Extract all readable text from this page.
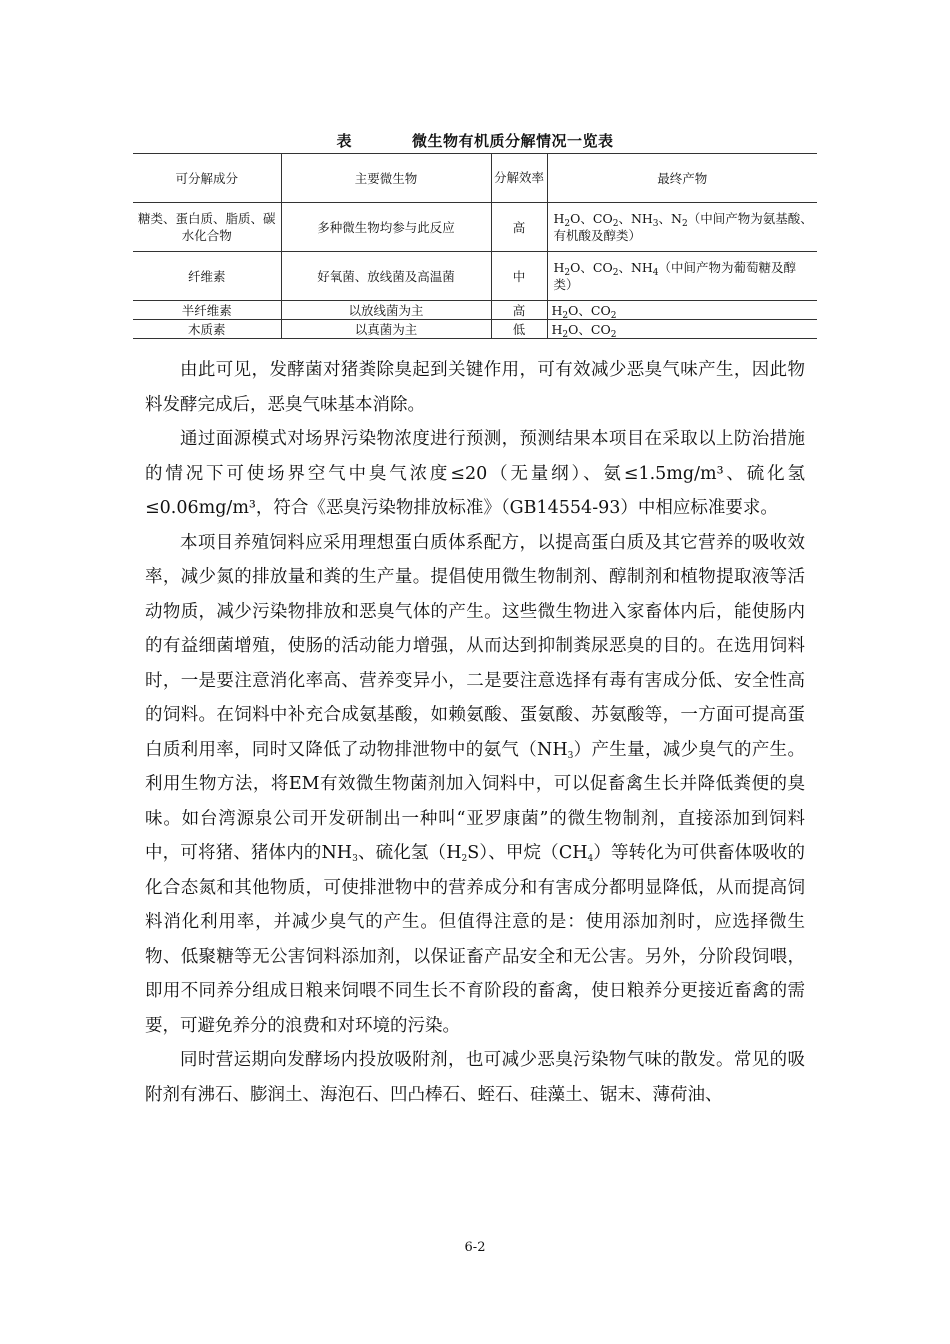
表	微生物有机质分解情况一览表
可分解成分	主要微生物	分解效率	最终产物
糖类、蛋白质、脂质、碳水化合物	多种微生物均参与此反应	高	$H_2O$、$CO_2$、$NH_3$、$N_2$（中间产物为氨基酸、有机酸及醇类）
纤维素	好氧菌、放线菌及高温菌	中	$H_2O$、$CO_2$、$NH_4$（中间产物为葡萄糖及醇类）
半纤维素	以放线菌为主	高	$H_2O$、$CO_2$
木质素	以真菌为主	低	$H_2O$、$CO_2$

由此可见，发酵菌对猪粪除臭起到关键作用，可有效减少恶臭气味产生，因此物料发酵完成后，恶臭气味基本消除。

通过面源模式对场界污染物浓度进行预测，预测结果本项目在采取以上防治措施的情况下可使场界空气中臭气浓度≤20（无量纲）、氨≤1.5mg/m³、硫化氢≤0.06mg/m³，符合《恶臭污染物排放标准》（GB14554-93）中相应标准要求。

本项目养殖饲料应采用理想蛋白质体系配方，以提高蛋白质及其它营养的吸收效率，减少氮的排放量和粪的生产量。提倡使用微生物制剂、醇制剂和植物提取液等活动物质，减少污染物排放和恶臭气体的产生。这些微生物进入家畜体内后，能使肠内的有益细菌增殖，使肠的活动能力增强，从而达到抑制粪尿恶臭的目的。在选用饲料时，一是要注意消化率高、营养变异小，二是要注意选择有毒有害成分低、安全性高的饲料。在饲料中补充合成氨基酸，如赖氨酸、蛋氨酸、苏氨酸等，一方面可提高蛋白质利用率，同时又降低了动物排泄物中的氨气$(NH_3)$产生量，减少臭气的产生。利用生物方法，将EM有效微生物菌剂加入饲料中，可以促畜禽生长并降低粪便的臭味。如台湾源泉公司开发研制出一种叫“亚罗康菌”的微生物制剂，直接添加到饲料中，可将猪、猪体内的$NH_3$、硫化氢$(H_2S)$、甲烷$(CH_4)$等转化为可供畜体吸收的化合态氮和其他物质，可使排泄物中的营养成分和有害成分都明显降低，从而提高饲料消化利用率，并减少臭气的产生。但值得注意的是：使用添加剂时，应选择微生物、低聚糖等无公害饲料添加剂，以保证畜产品安全和无公害。另外，分阶段饲喂，即用不同养分组成日粮来饲喂不同生长不育阶段的畜禽，使日粮养分更接近畜禽的需要，可避免养分的浪费和对环境的污染。

同时营运期向发酵场内投放吸附剂，也可减少恶臭污染物气味的散发。常见的吸附剂有沸石、膨润土、海泡石、凹凸棒石、蛭石、硅藻土、锯末、薄荷油、

6-2
